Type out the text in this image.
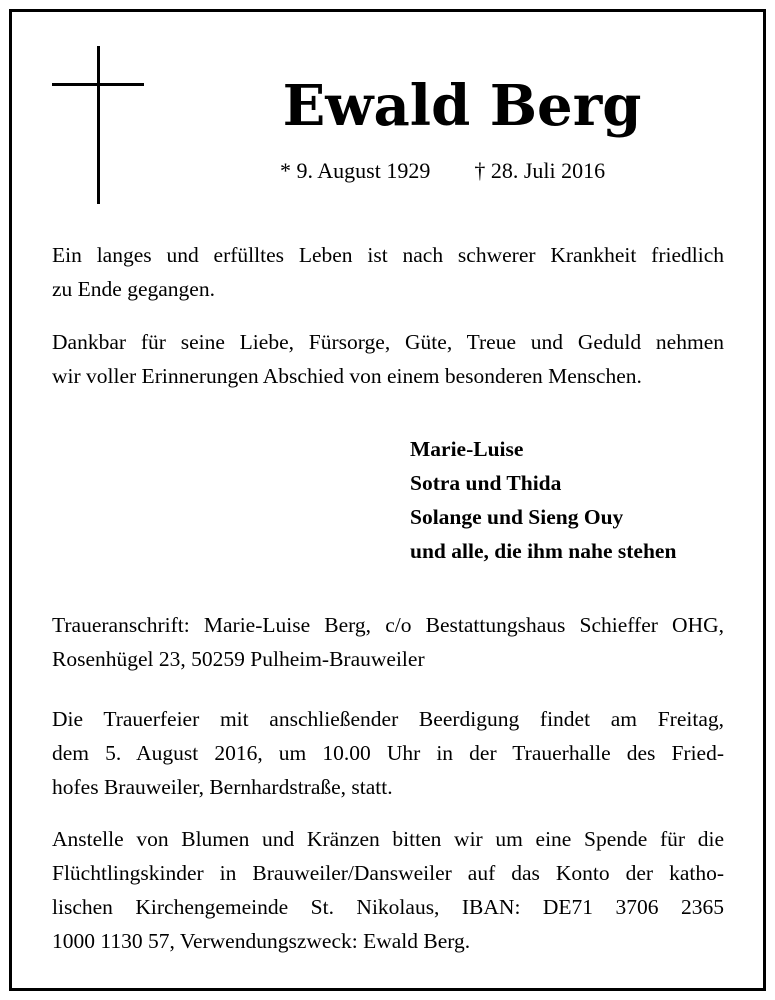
Ewald Berg
* 9. August 1929 † 28. Juli 2016
Ein langes und erfülltes Leben ist nach schwerer Krankheit friedlich
zu Ende gegangen.
Dankbar für seine Liebe, Fürsorge, Güte, Treue und Geduld nehmen
wir voller Erinnerungen Abschied von einem besonderen Menschen.
Marie-Luise
Sotra und Thida
Solange und Sieng Ouy
und alle, die ihm nahe stehen
Traueranschrift: Marie-Luise Berg, c/o Bestattungshaus Schieffer OHG,
Rosenhügel 23, 50259 Pulheim-Brauweiler
Die Trauerfeier mit anschließender Beerdigung findet am Freitag,
dem 5. August 2016, um 10.00 Uhr in der Trauerhalle des Fried-
hofes Brauweiler, Bernhardstraße, statt.
Anstelle von Blumen und Kränzen bitten wir um eine Spende für die
Flüchtlingskinder in Brauweiler/Dansweiler auf das Konto der katho-
lischen Kirchengemeinde St. Nikolaus, IBAN: DE71 3706 2365
1000 1130 57, Verwendungszweck: Ewald Berg.
